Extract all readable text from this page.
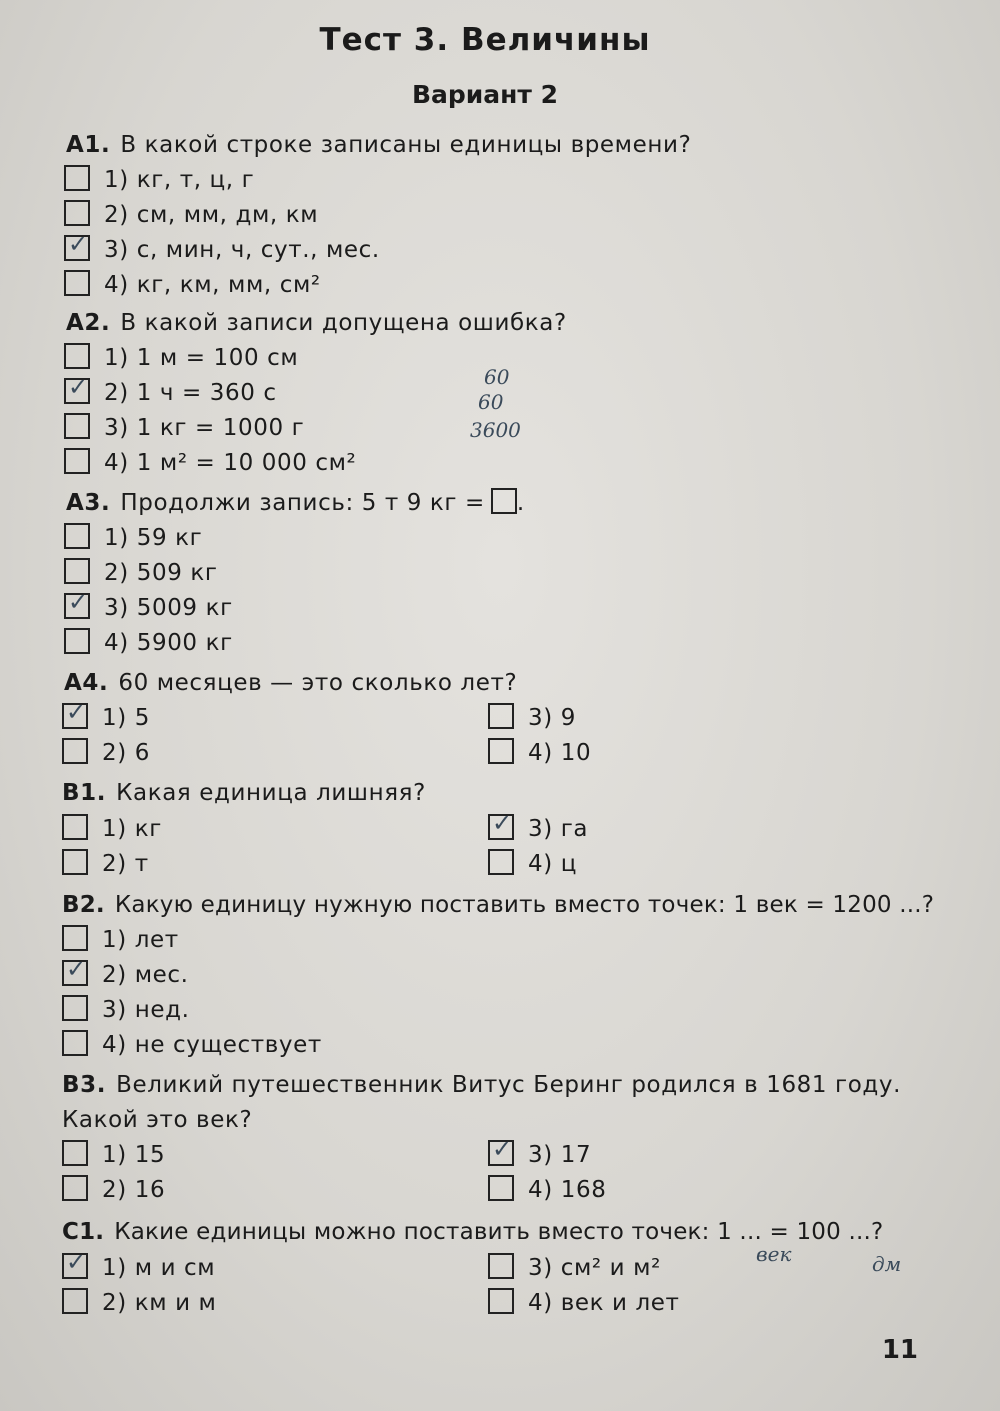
Тест 3. Величины
Вариант 2
A1. В какой строке записаны единицы времени?
1) кг, т, ц, г
2) см, мм, дм, км
✓3) с, мин, ч, сут., мес.
4) кг, км, мм, см²
A2. В какой записи допущена ошибка?
1) 1 м = 100 см
✓2) 1 ч = 360 с
3) 1 кг = 1000 г
4) 1 м² = 10 000 см²
60
60
3600
A3. Продолжи запись: 5 т 9 кг = .
1) 59 кг
2) 509 кг
✓3) 5009 кг
4) 5900 кг
A4. 60 месяцев — это сколько лет?
✓1) 5	3) 9
2) 6	4) 10
B1. Какая единица лишняя?
1) кг ✓	3) га
2) т	4) ц
B2. Какую единицу нужную поставить вместо точек: 1 век = 1200 ...?
1) лет
✓2) мес.
3) нед.
4) не существует
B3. Великий путешественник Витус Беринг родился в 1681 году.
Какой это век?
1) 15 ✓	3) 17
2) 16	4) 168
C1. Какие единицы можно поставить вместо точек: 1 ... = 100 ...?
век	дм
✓1) м и см	3) см² и м²
2) км и м	4) век и лет
11
